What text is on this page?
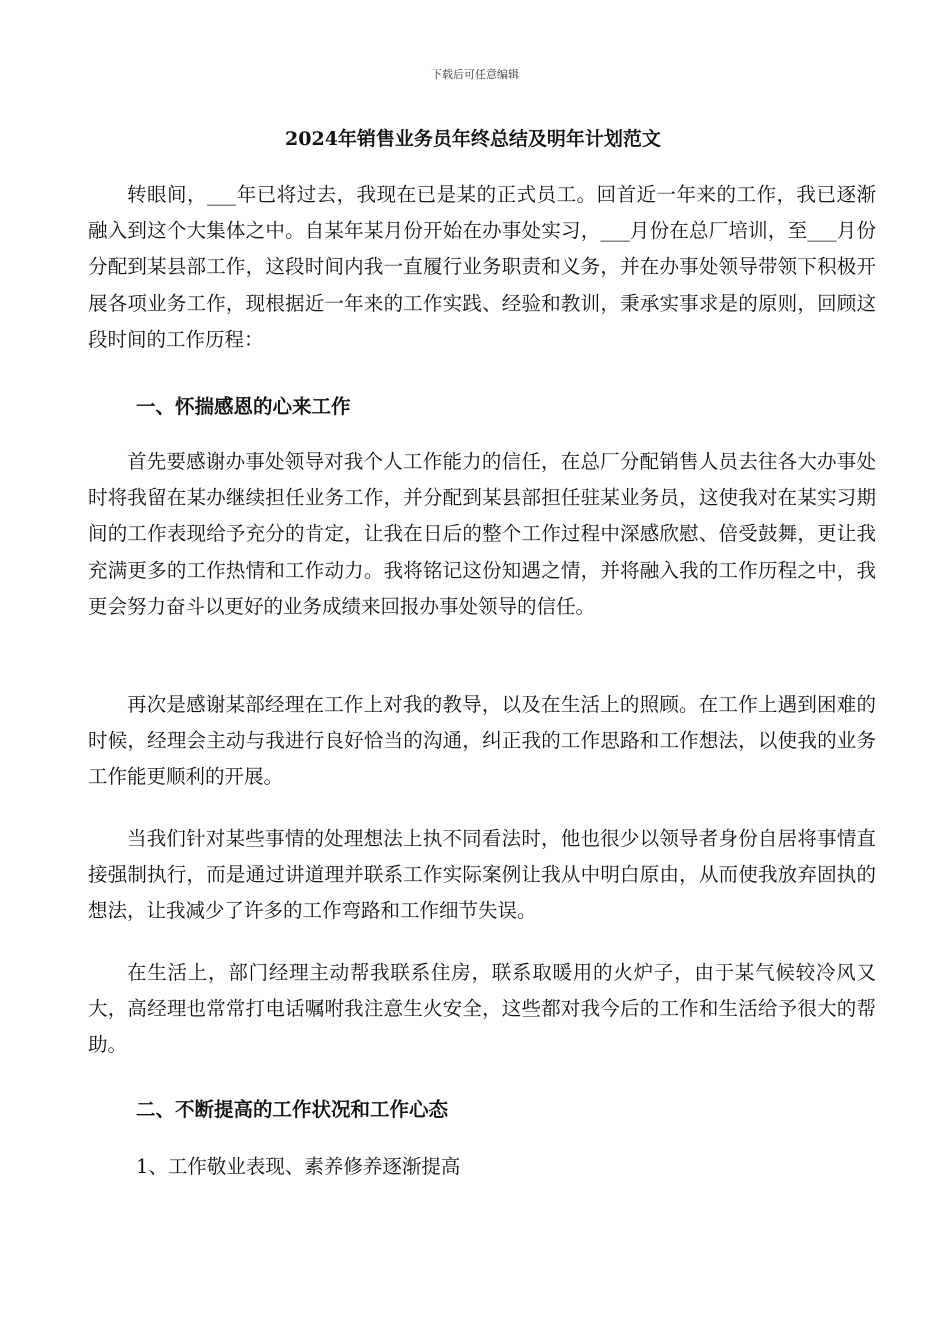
下载后可任意编辑
2024年销售业务员年终总结及明年计划范文

转眼间，___年已将过去，我现在已是某的正式员工。回首近一年来的工作，我已逐渐融入到这个大集体之中。自某年某月份开始在办事处实习，___月份在总厂培训，至___月份分配到某县部工作，这段时间内我一直履行业务职责和义务，并在办事处领导带领下积极开展各项业务工作，现根据近一年来的工作实践、经验和教训，秉承实事求是的原则，回顾这段时间的工作历程：

一、怀揣感恩的心来工作

首先要感谢办事处领导对我个人工作能力的信任，在总厂分配销售人员去往各大办事处时将我留在某办继续担任业务工作，并分配到某县部担任驻某业务员，这使我对在某实习期间的工作表现给予充分的肯定，让我在日后的整个工作过程中深感欣慰、倍受鼓舞，更让我充满更多的工作热情和工作动力。我将铭记这份知遇之情，并将融入我的工作历程之中，我更会努力奋斗以更好的业务成绩来回报办事处领导的信任。

再次是感谢某部经理在工作上对我的教导，以及在生活上的照顾。在工作上遇到困难的时候，经理会主动与我进行良好恰当的沟通，纠正我的工作思路和工作想法，以使我的业务工作能更顺利的开展。

当我们针对某些事情的处理想法上执不同看法时，他也很少以领导者身份自居将事情直接强制执行，而是通过讲道理并联系工作实际案例让我从中明白原由，从而使我放弃固执的想法，让我减少了许多的工作弯路和工作细节失误。

在生活上，部门经理主动帮我联系住房，联系取暖用的火炉子，由于某气候较冷风又大，高经理也常常打电话嘱咐我注意生火安全，这些都对我今后的工作和生活给予很大的帮助。

二、不断提高的工作状况和工作心态

1、工作敬业表现、素养修养逐渐提高
